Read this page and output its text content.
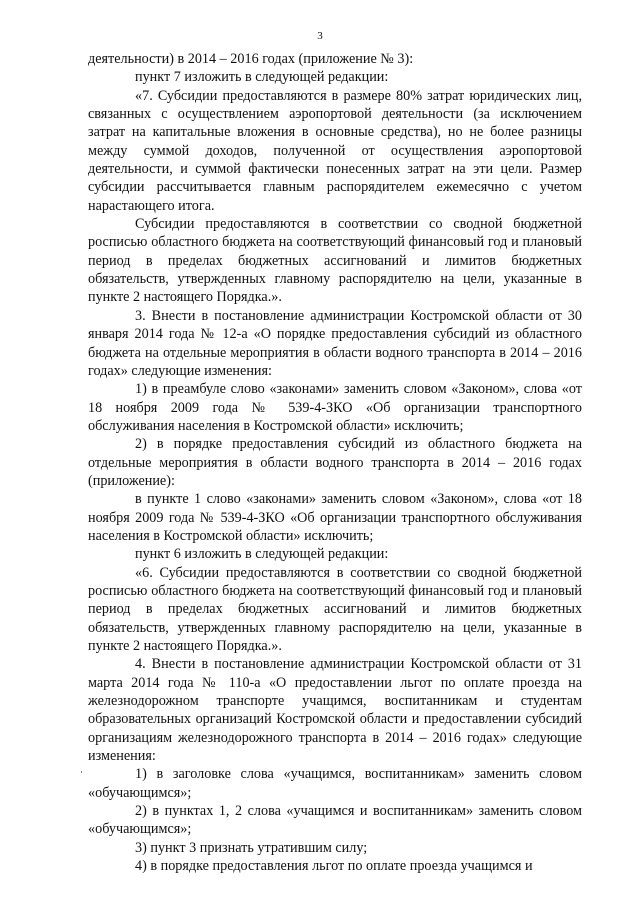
3

деятельности) в 2014 – 2016 годах (приложение № 3):

пункт 7 изложить в следующей редакции:

«7. Субсидии предоставляются в размере 80% затрат юридических лиц, связанных с осуществлением аэропортовой деятельности (за исключением затрат на капитальные вложения в основные средства), но не более разницы между суммой доходов, полученной от осуществления аэропортовой деятельности, и суммой фактически понесенных затрат на эти цели. Размер субсидии рассчитывается главным распорядителем ежемесячно с учетом нарастающего итога.

Субсидии предоставляются в соответствии со сводной бюджетной росписью областного бюджета на соответствующий финансовый год и плановый период в пределах бюджетных ассигнований и лимитов бюджетных обязательств, утвержденных главному распорядителю на цели, указанные в пункте 2 настоящего Порядка.».

3. Внести в постановление администрации Костромской области от 30 января 2014 года № 12-а «О порядке предоставления субсидий из областного бюджета на отдельные мероприятия в области водного транспорта в 2014 – 2016 годах» следующие изменения:

1) в преамбуле слово «законами» заменить словом «Законом», слова «от 18 ноября 2009 года № 539-4-ЗКО «Об организации транспортного обслуживания населения в Костромской области» исключить;

2) в порядке предоставления субсидий из областного бюджета на отдельные мероприятия в области водного транспорта в 2014 – 2016 годах (приложение):

в пункте 1 слово «законами» заменить словом «Законом», слова «от 18 ноября 2009 года № 539-4-ЗКО «Об организации транспортного обслуживания населения в Костромской области» исключить;

пункт 6 изложить в следующей редакции:

«6. Субсидии предоставляются в соответствии со сводной бюджетной росписью областного бюджета на соответствующий финансовый год и плановый период в пределах бюджетных ассигнований и лимитов бюджетных обязательств, утвержденных главному распорядителю на цели, указанные в пункте 2 настоящего Порядка.».

4. Внести в постановление администрации Костромской области от 31 марта 2014 года № 110-а «О предоставлении льгот по оплате проезда на железнодорожном транспорте учащимся, воспитанникам и студентам образовательных организаций Костромской области и предоставлении субсидий организациям железнодорожного транспорта в 2014 – 2016 годах» следующие изменения:

1) в заголовке слова «учащимся, воспитанникам» заменить словом «обучающимся»;

2) в пунктах 1, 2 слова «учащимся и воспитанникам» заменить словом «обучающимся»;

3) пункт 3 признать утратившим силу;

4) в порядке предоставления льгот по оплате проезда учащимся и
